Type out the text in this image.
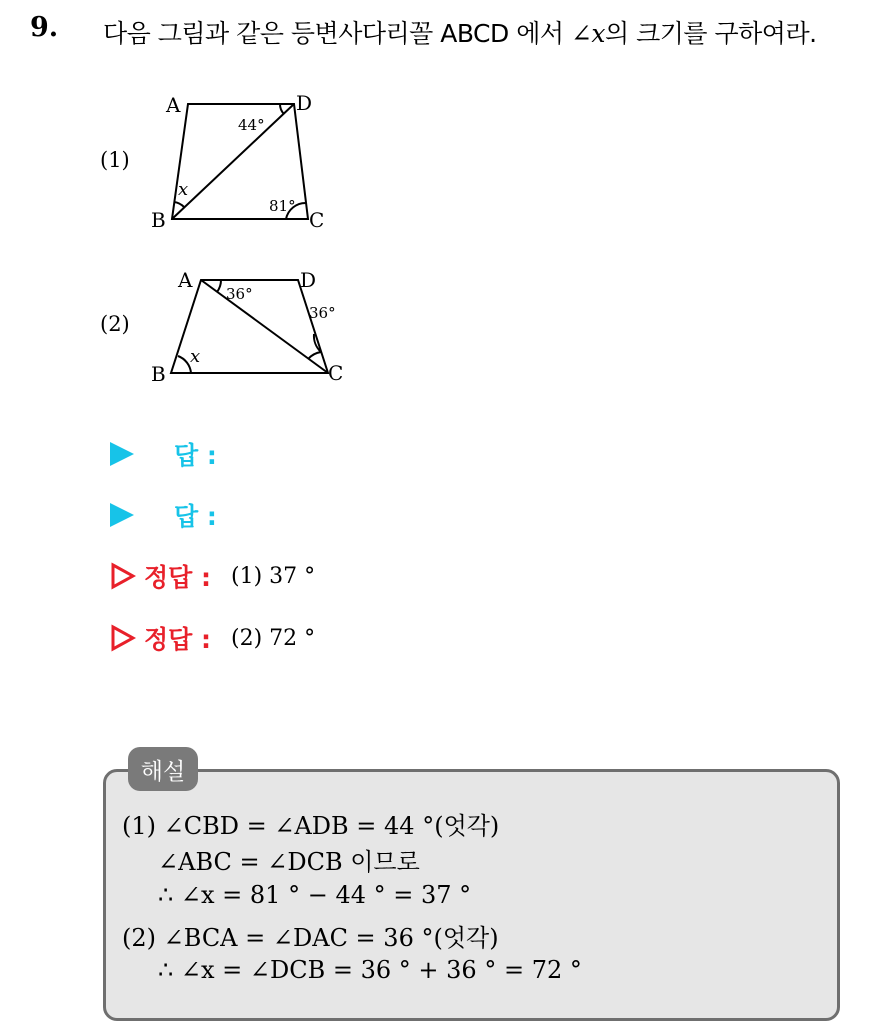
9. 다음 그림과 같은 등변사다리꼴 ABCD 에서 ∠x의 크기를 구하여라.
(1)
A	D
B	C
44°
x
81°
(2)
A	D
B	C
36°
36°
x
답 :
답 :
정답 : (1) 37 °
정답 : (2) 72 °
해설
(1) ∠CBD = ∠ADB = 44 °(엇각)
∠ABC = ∠DCB 이므로
∴ ∠x = 81 ° − 44 ° = 37 °
(2) ∠BCA = ∠DAC = 36 °(엇각)
∴ ∠x = ∠DCB = 36 ° + 36 ° = 72 °
